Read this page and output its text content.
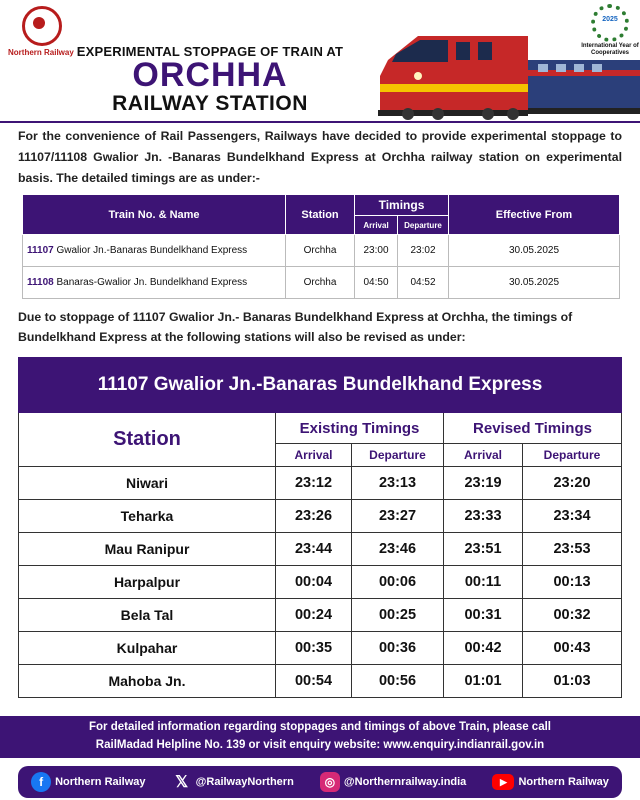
Northern Railway EXPERIMENTAL STOPPAGE OF TRAIN AT
ORCHHA
RAILWAY STATION
2025
International Year of Cooperatives
For the convenience of Rail Passengers, Railways have decided to provide experimental stoppage to 11107/11108 Gwalior Jn. -Banaras Bundelkhand Express at Orchha railway station on experimental basis. The detailed timings are as under:-
Train No. & Name	Station	Timings		Effective From
		Arrival	Departure	
11107 Gwalior Jn.-Banaras Bundelkhand Express	Orchha	23:00	23:02	30.05.2025
11108 Banaras-Gwalior Jn. Bundelkhand Express	Orchha	04:50	04:52	30.05.2025
Due to stoppage of 11107 Gwalior Jn.- Banaras Bundelkhand Express at Orchha, the timings of Bundelkhand Express at the following stations will also be revised as under:
11107 Gwalior Jn.-Banaras Bundelkhand Express				
Station	Existing Timings		Revised Timings	
	Arrival	Departure	Arrival	Departure
Niwari	23:12	23:13	23:19	23:20
Teharka	23:26	23:27	23:33	23:34
Mau Ranipur	23:44	23:46	23:51	23:53
Harpalpur	00:04	00:06	00:11	00:13
Bela Tal	00:24	00:25	00:31	00:32
Kulpahar	00:35	00:36	00:42	00:43
Mahoba Jn.	00:54	00:56	01:01	01:03
For detailed information regarding stoppages and timings of above Train, please call
RailMadad Helpline No. 139 or visit enquiry website: www.enquiry.indianrail.gov.in
f	Northern Railway 𝕏 @RailwayNorthern	◎ @Northernrailway.india	▶	Northern Railway
